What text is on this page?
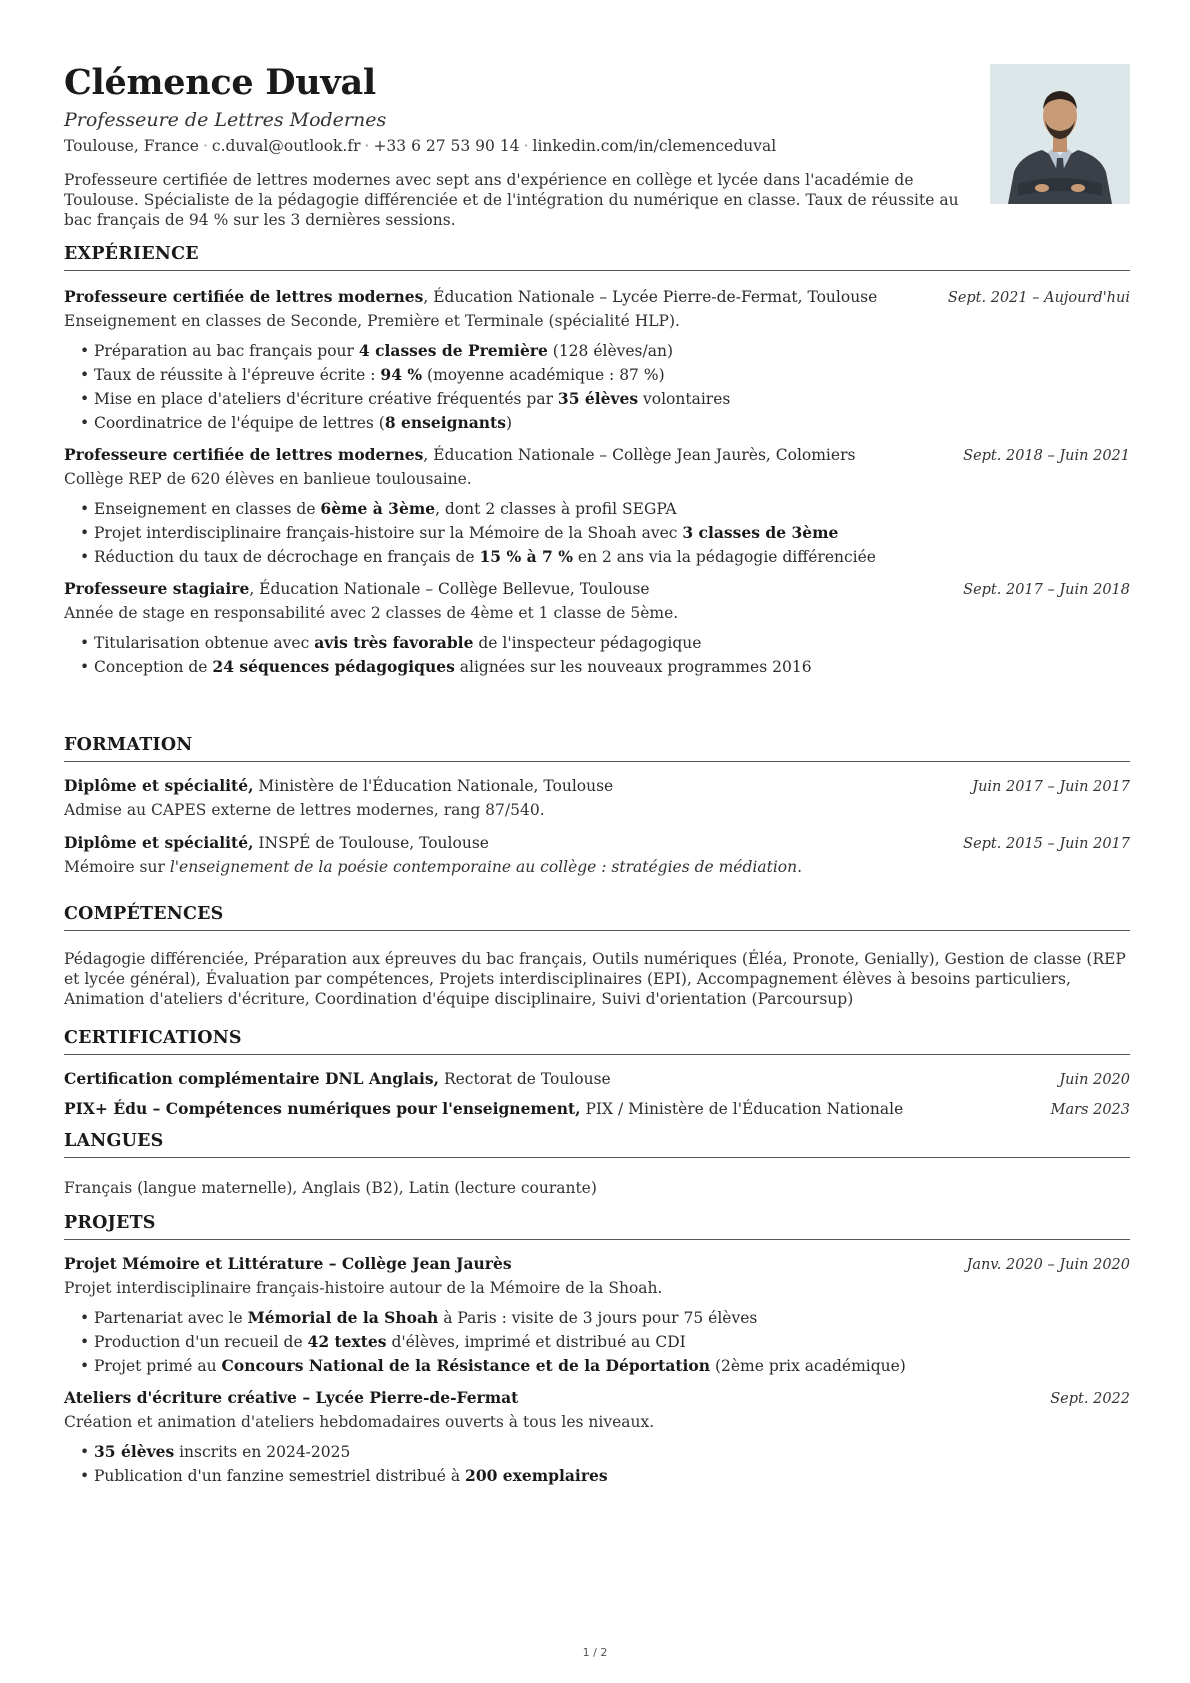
Clémence Duval
Professeure de Lettres Modernes
Toulouse, France · c.duval@outlook.fr · +33 6 27 53 90 14 · linkedin.com/in/clemenceduval
Professeure certifiée de lettres modernes avec sept ans d'expérience en collège et lycée dans l'académie de Toulouse. Spécialiste de la pédagogie différenciée et de l'intégration du numérique en classe. Taux de réussite au bac français de 94 % sur les 3 dernières sessions.
EXPÉRIENCE
Professeure certifiée de lettres modernes, Éducation Nationale – Lycée Pierre-de-Fermat, Toulouse	Sept. 2021 – Aujourd'hui
Enseignement en classes de Seconde, Première et Terminale (spécialité HLP).
• Préparation au bac français pour 4 classes de Première (128 élèves/an)
• Taux de réussite à l'épreuve écrite : 94 % (moyenne académique : 87 %)
• Mise en place d'ateliers d'écriture créative fréquentés par 35 élèves volontaires
• Coordinatrice de l'équipe de lettres (8 enseignants)
Professeure certifiée de lettres modernes, Éducation Nationale – Collège Jean Jaurès, Colomiers	Sept. 2018 – Juin 2021
Collège REP de 620 élèves en banlieue toulousaine.
• Enseignement en classes de 6ème à 3ème, dont 2 classes à profil SEGPA
• Projet interdisciplinaire français-histoire sur la Mémoire de la Shoah avec 3 classes de 3ème
• Réduction du taux de décrochage en français de 15 % à 7 % en 2 ans via la pédagogie différenciée
Professeure stagiaire, Éducation Nationale – Collège Bellevue, Toulouse	Sept. 2017 – Juin 2018
Année de stage en responsabilité avec 2 classes de 4ème et 1 classe de 5ème.
• Titularisation obtenue avec avis très favorable de l'inspecteur pédagogique
• Conception de 24 séquences pédagogiques alignées sur les nouveaux programmes 2016
FORMATION
Diplôme et spécialité, Ministère de l'Éducation Nationale, Toulouse	Juin 2017 – Juin 2017
Admise au CAPES externe de lettres modernes, rang 87/540.
Diplôme et spécialité, INSPÉ de Toulouse, Toulouse	Sept. 2015 – Juin 2017
Mémoire sur l'enseignement de la poésie contemporaine au collège : stratégies de médiation.
COMPÉTENCES
Pédagogie différenciée, Préparation aux épreuves du bac français, Outils numériques (Éléa, Pronote, Genially), Gestion de classe (REP et lycée général), Évaluation par compétences, Projets interdisciplinaires (EPI), Accompagnement élèves à besoins particuliers, Animation d'ateliers d'écriture, Coordination d'équipe disciplinaire, Suivi d'orientation (Parcoursup)
CERTIFICATIONS
Certification complémentaire DNL Anglais, Rectorat de Toulouse	Juin 2020
PIX+ Édu – Compétences numériques pour l'enseignement, PIX / Ministère de l'Éducation Nationale	Mars 2023
LANGUES
Français (langue maternelle), Anglais (B2), Latin (lecture courante)
PROJETS
Projet Mémoire et Littérature – Collège Jean Jaurès	Janv. 2020 – Juin 2020
Projet interdisciplinaire français-histoire autour de la Mémoire de la Shoah.
• Partenariat avec le Mémorial de la Shoah à Paris : visite de 3 jours pour 75 élèves
• Production d'un recueil de 42 textes d'élèves, imprimé et distribué au CDI
• Projet primé au Concours National de la Résistance et de la Déportation (2ème prix académique)
Ateliers d'écriture créative – Lycée Pierre-de-Fermat	Sept. 2022
Création et animation d'ateliers hebdomadaires ouverts à tous les niveaux.
• 35 élèves inscrits en 2024-2025
• Publication d'un fanzine semestriel distribué à 200 exemplaires
1 / 2
